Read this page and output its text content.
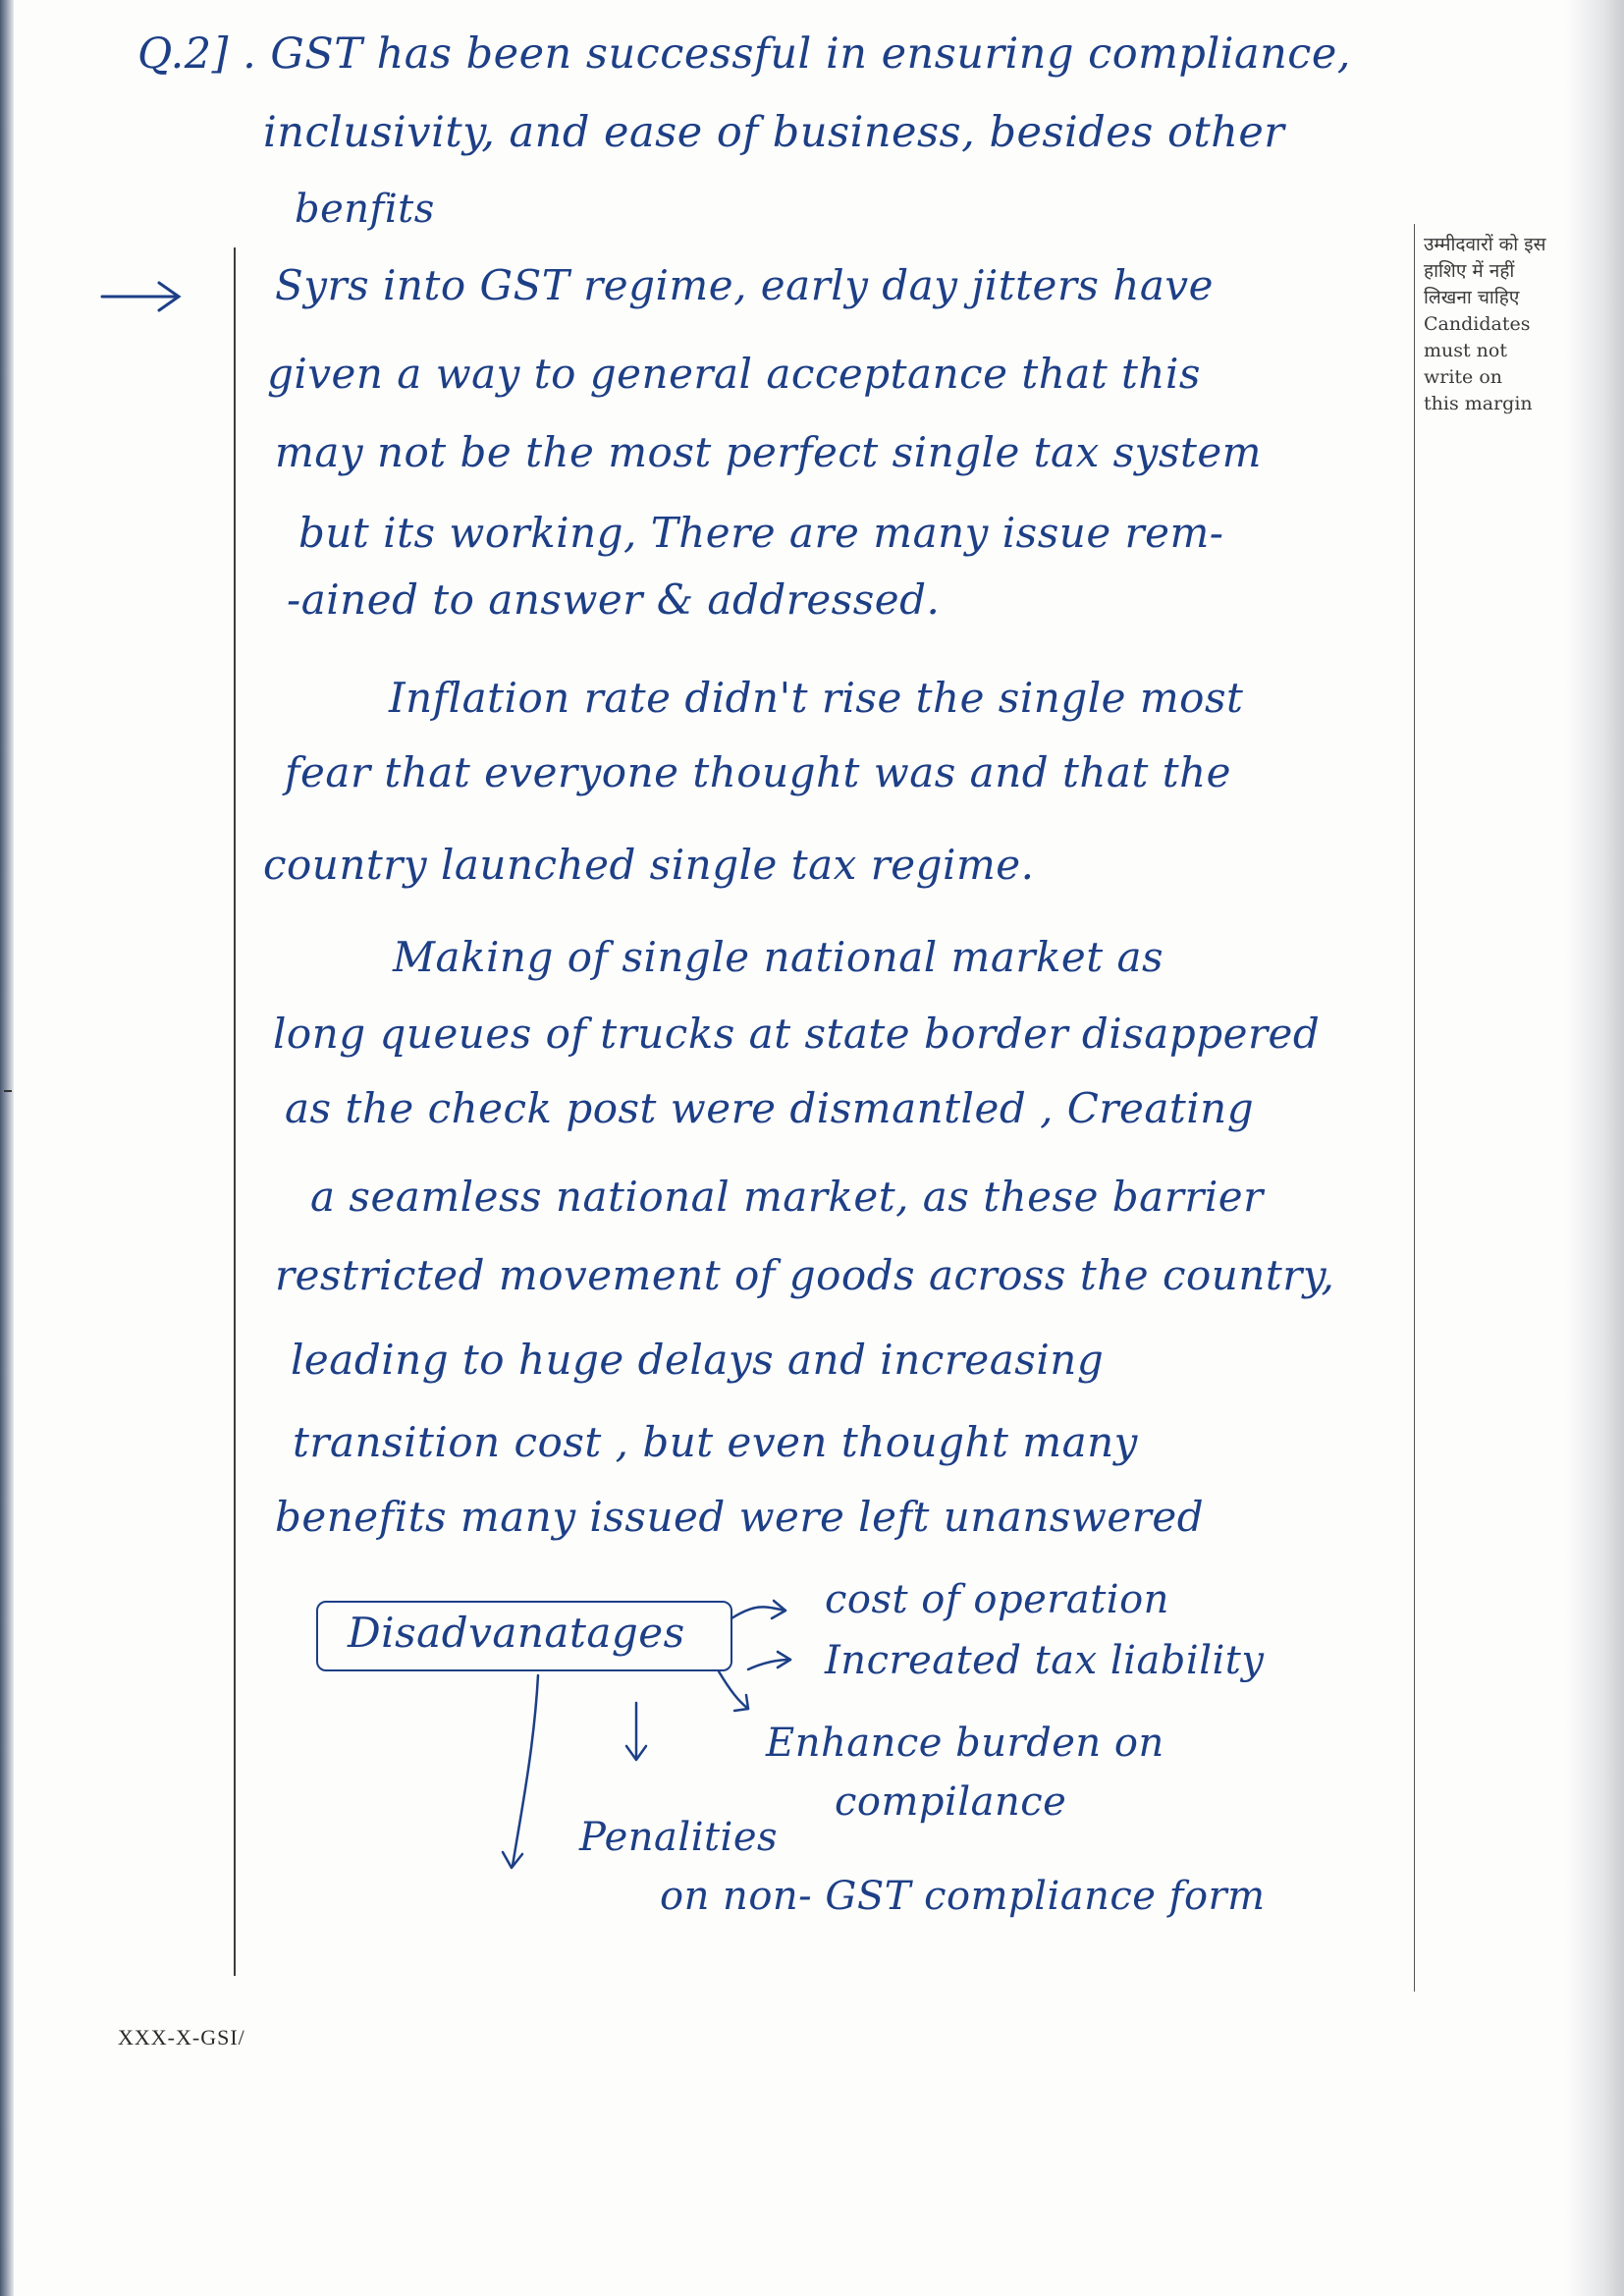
Q.2] . GST has been successful in ensuring compliance,
inclusivity, and ease of business, besides other
benfits
उम्मीदवारों को इस
हाशिए में नहीं
लिखना चाहिए
Candidates
must not
write on
this margin
Syrs into GST regime, early day jitters have
given a way to general acceptance that this
may not be the most perfect single tax system
but its working, There are many issue rem-
-ained to answer & addressed.
Inflation rate didn't rise the single most
fear that everyone thought was and that the
country launched single tax regime.
Making of single national market as
long queues of trucks at state border disappered
as the check post were dismantled , Creating
a seamless national market, as these barrier
restricted movement of goods across the country,
leading to huge delays and increasing
transition cost , but even thought many
benefits many issued were left unanswered
Disadvanatages
cost of operation
Increated tax liability
Enhance burden on
compilance
Penalities
on non- GST compliance form
XXX-X-GSI/
